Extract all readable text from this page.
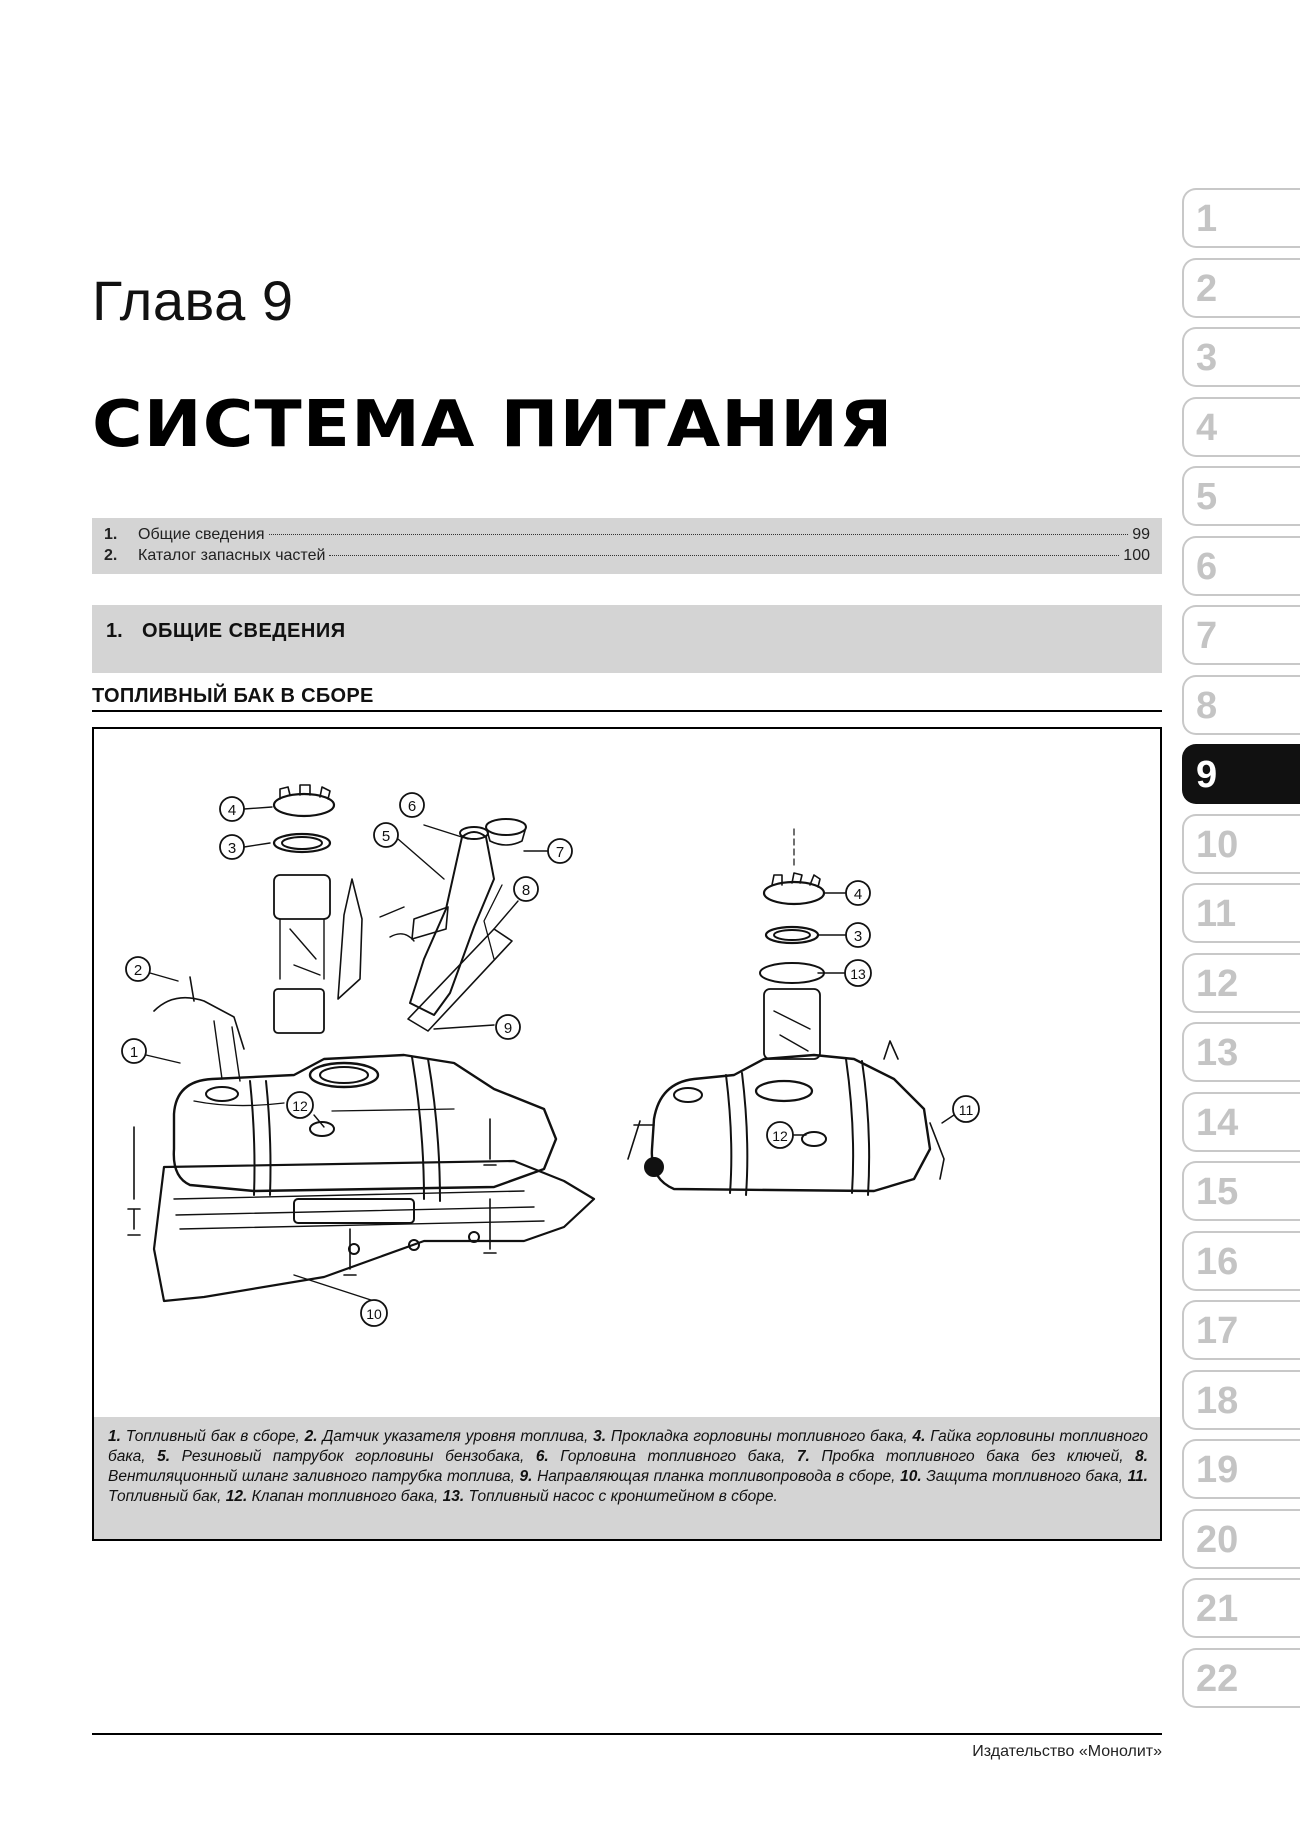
Глава 9
СИСТЕМА ПИТАНИЯ
1.	Общие сведения	99
2.	Каталог запасных частей	100
1. ОБЩИЕ СВЕДЕНИЯ
ТОПЛИВНЫЙ БАК В СБОРЕ
1
2
3
4
5
6
7
8
9
10
11
12
12
13
3
4
1. Топливный бак в сборе, 2. Датчик указателя уровня топлива, 3. Прокладка горловины топливного бака, 4. Гайка горловины топливного бака, 5. Резиновый патрубок горловины бензобака, 6. Горловина топливного бака, 7. Пробка топливного бака без ключей, 8. Вентиляционный шланг заливного патрубка топлива, 9. Направляющая планка топливопровода в сборе, 10. Защита топливного бака, 11. Топливный бак, 12. Клапан топливного бака, 13. Топливный насос с кронштейном в сборе.
Издательство «Монолит»
1
2
3
4
5
6
7
8
9
10
11
12
13
14
15
16
17
18
19
20
21
22
